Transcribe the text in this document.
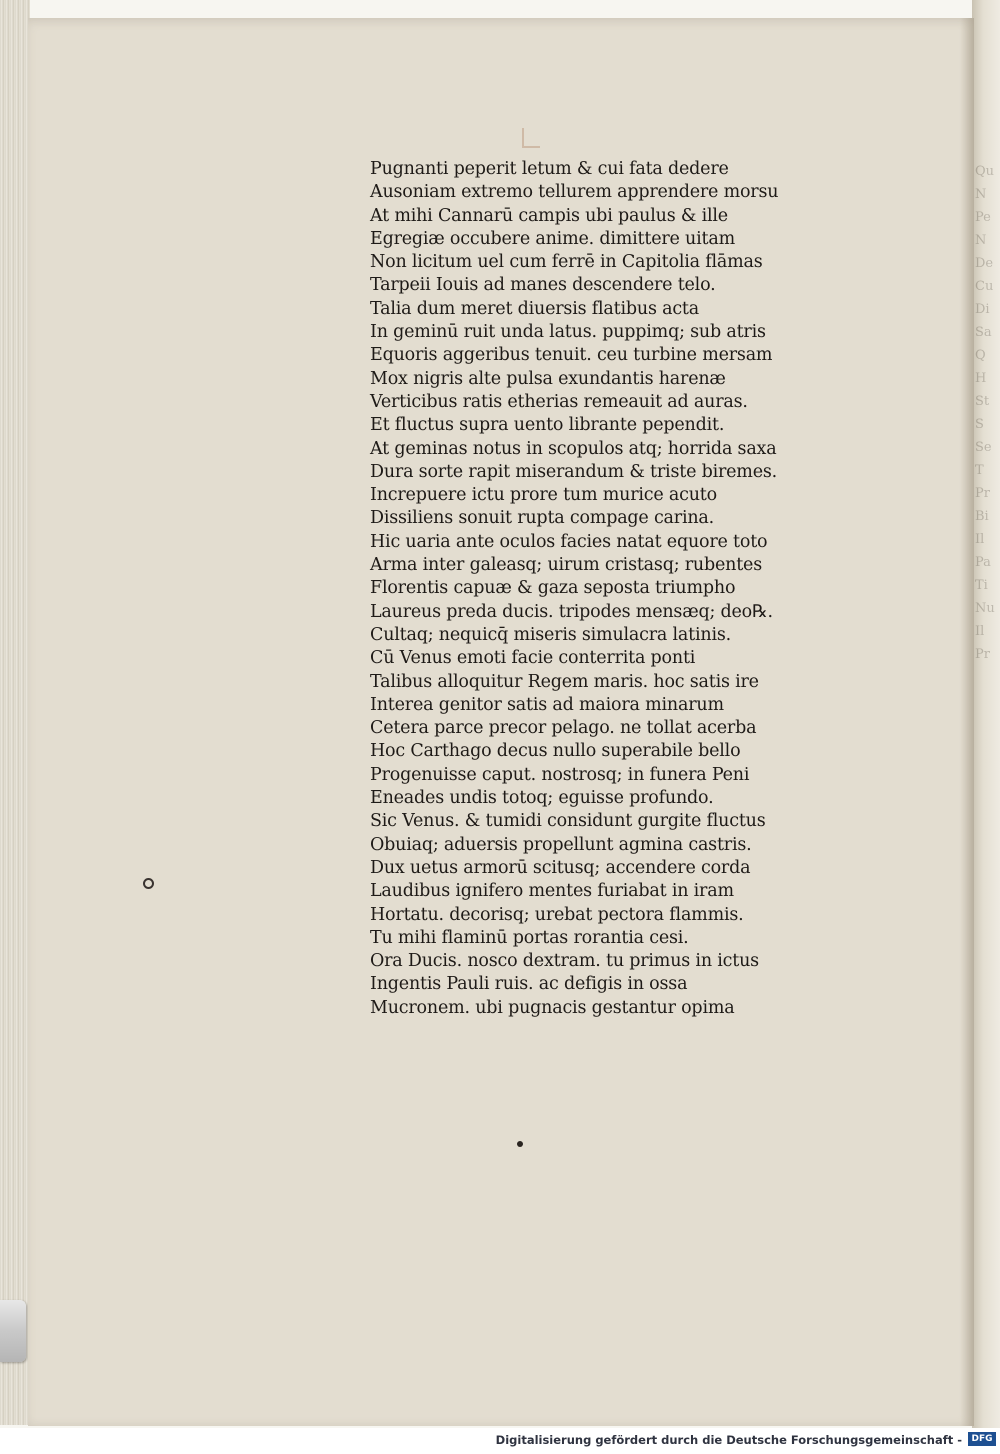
Qu
N
Pe
N
De
Cu
Di
Sa
Q
H
St
S
Se
T
Pr
Bi
Il
Pa
Ti
Nu
Il
Pr
Pugnanti peperit letum & cui fata dedere
Ausoniam extremo tellurem apprendere morsu
At mihi Cannarū campis ubi paulus & ille
Egregiæ occubere anime. dimittere uitam
Non licitum uel cum ferrē in Capitolia flāmas
Tarpeii Iouis ad manes descendere telo.
Talia dum meret diuersis flatibus acta
In geminū ruit unda latus. puppimq; sub atris
Equoris aggeribus tenuit. ceu turbine mersam
Mox nigris alte pulsa exundantis harenæ
Verticibus ratis etherias remeauit ad auras.
Et fluctus supra uento librante pependit.
At geminas notus in scopulos atq; horrida saxa
Dura sorte rapit miserandum & triste biremes.
Increpuere ictu prore tum murice acuto
Dissiliens sonuit rupta compage carina.
Hic uaria ante oculos facies natat equore toto
Arma inter galeasq; uirum cristasq; rubentes
Florentis capuæ & gaza seposta triumpho
Laureus preda ducis. tripodes mensæq; deo℞.
Cultaq; nequicq̄ miseris simulacra latinis.
Cū Venus emoti facie conterrita ponti
Talibus alloquitur Regem maris. hoc satis ire
Interea genitor satis ad maiora minarum
Cetera parce precor pelago. ne tollat acerba
Hoc Carthago decus nullo superabile bello
Progenuisse caput. nostrosq; in funera Peni
Eneades undis totoq; eguisse profundo.
Sic Venus. & tumidi considunt gurgite fluctus
Obuiaq; aduersis propellunt agmina castris.
Dux uetus armorū scitusq; accendere corda
Laudibus ignifero mentes furiabat in iram
Hortatu. decorisq; urebat pectora flammis.
Tu mihi flaminū portas rorantia cesi.
Ora Ducis. nosco dextram. tu primus in ictus
Ingentis Pauli ruis. ac defigis in ossa
Mucronem. ubi pugnacis gestantur opima
Digitalisierung gefördert durch die Deutsche Forschungsgemeinschaft -	DFG
